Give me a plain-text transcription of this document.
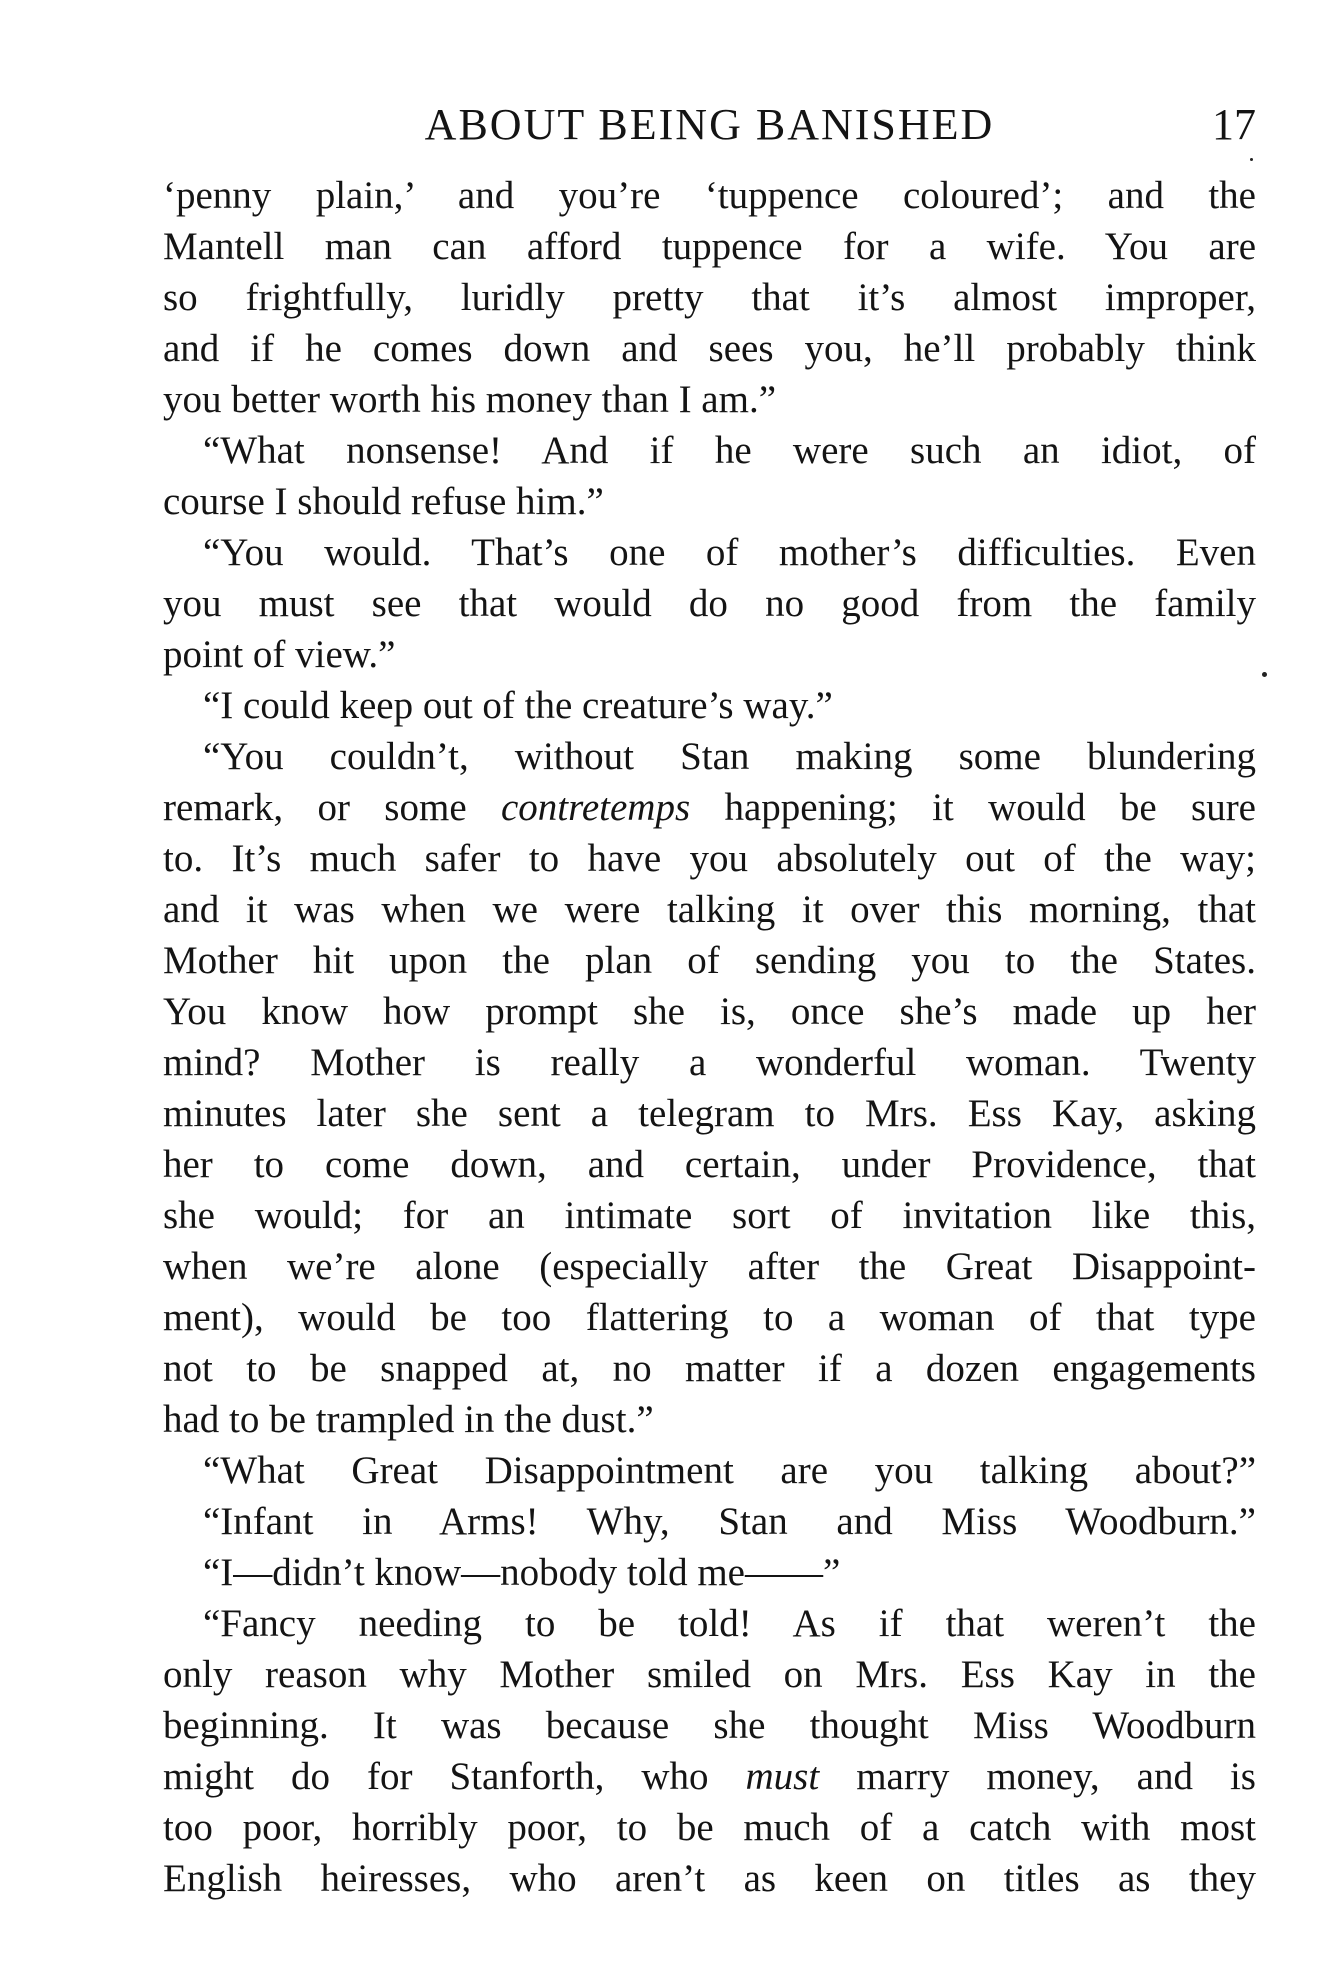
ABOUT BEING BANISHED	17
‘penny plain,’ and you’re ‘tuppence coloured’; and the
Mantell man can afford tuppence for a wife. You are
so frightfully, luridly pretty that it’s almost improper,
and if he comes down and sees you, he’ll probably think
you better worth his money than I am.”
“What nonsense! And if he were such an idiot, of
course I should refuse him.”
“You would. That’s one of mother’s difficulties. Even
you must see that would do no good from the family
point of view.”
“I could keep out of the creature’s way.”
“You couldn’t, without Stan making some blundering
remark, or some contretemps happening; it would be sure
to. It’s much safer to have you absolutely out of the way;
and it was when we were talking it over this morning, that
Mother hit upon the plan of sending you to the States.
You know how prompt she is, once she’s made up her
mind? Mother is really a wonderful woman. Twenty
minutes later she sent a telegram to Mrs. Ess Kay, asking
her to come down, and certain, under Providence, that
she would; for an intimate sort of invitation like this,
when we’re alone (especially after the Great Disappoint-
ment), would be too flattering to a woman of that type
not to be snapped at, no matter if a dozen engagements
had to be trampled in the dust.”
“What Great Disappointment are you talking about?”
“Infant in Arms! Why, Stan and Miss Woodburn.”
“I—didn’t know—nobody told me——”
“Fancy needing to be told! As if that weren’t the
only reason why Mother smiled on Mrs. Ess Kay in the
beginning. It was because she thought Miss Woodburn
might do for Stanforth, who must marry money, and is
too poor, horribly poor, to be much of a catch with most
English heiresses, who aren’t as keen on titles as they
